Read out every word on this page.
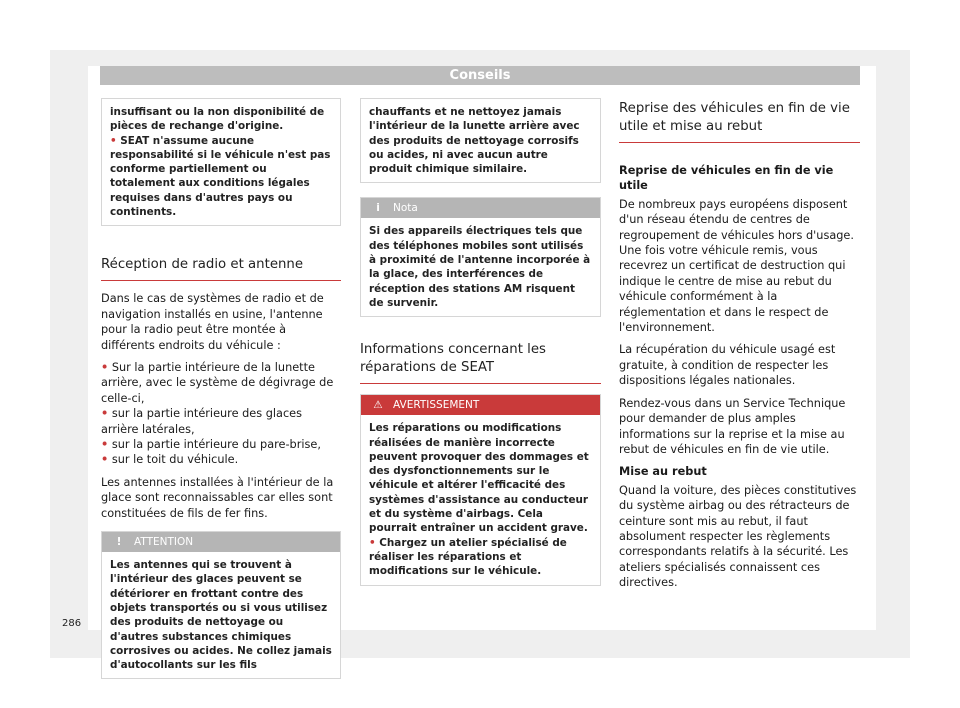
Conseils
insuffisant ou la non disponibilité de pièces de rechange d'origine.
• SEAT n'assume aucune responsabilité si le véhicule n'est pas conforme partiellement ou totalement aux conditions légales requises dans d'autres pays ou continents.
Réception de radio et antenne

Dans le cas de systèmes de radio et de navigation installés en usine, l'antenne pour la radio peut être montée à différents endroits du véhicule :

• Sur la partie intérieure de la lunette arrière, avec le système de dégivrage de celle-ci,
• sur la partie intérieure des glaces arrière latérales,
• sur la partie intérieure du pare-brise,
• sur le toit du véhicule.

Les antennes installées à l'intérieur de la glace sont reconnaissables car elles sont constituées de fils de fer fins.

! ATTENTION
Les antennes qui se trouvent à l'intérieur des glaces peuvent se détériorer en frottant contre des objets transportés ou si vous utilisez des produits de nettoyage ou d'autres substances chimiques corrosives ou acides. Ne collez jamais d'autocollants sur les fils
chauffants et ne nettoyez jamais l'intérieur de la lunette arrière avec des produits de nettoyage corrosifs ou acides, ni avec aucun autre produit chimique similaire.
i Nota
Si des appareils électriques tels que des téléphones mobiles sont utilisés à proximité de l'antenne incorporée à la glace, des interférences de réception des stations AM risquent de survenir.
Informations concernant les réparations de SEAT
⚠ AVERTISSEMENT
Les réparations ou modifications réalisées de manière incorrecte peuvent provoquer des dommages et des dysfonctionnements sur le véhicule et altérer l'efficacité des systèmes d'assistance au conducteur et du système d'airbags. Cela pourrait entraîner un accident grave.
• Chargez un atelier spécialisé de réaliser les réparations et modifications sur le véhicule.
Reprise des véhicules en fin de vie utile et mise au rebut
Reprise de véhicules en fin de vie utile

De nombreux pays européens disposent d'un réseau étendu de centres de regroupement de véhicules hors d'usage. Une fois votre véhicule remis, vous recevrez un certificat de destruction qui indique le centre de mise au rebut du véhicule conformément à la réglementation et dans le respect de l'environnement.

La récupération du véhicule usagé est gratuite, à condition de respecter les dispositions légales nationales.

Rendez-vous dans un Service Technique pour demander de plus amples informations sur la reprise et la mise au rebut de véhicules en fin de vie utile.

Mise au rebut

Quand la voiture, des pièces constitutives du système airbag ou des rétracteurs de ceinture sont mis au rebut, il faut absolument respecter les règlements correspondants relatifs à la sécurité. Les ateliers spécialisés connaissent ces directives.

286
